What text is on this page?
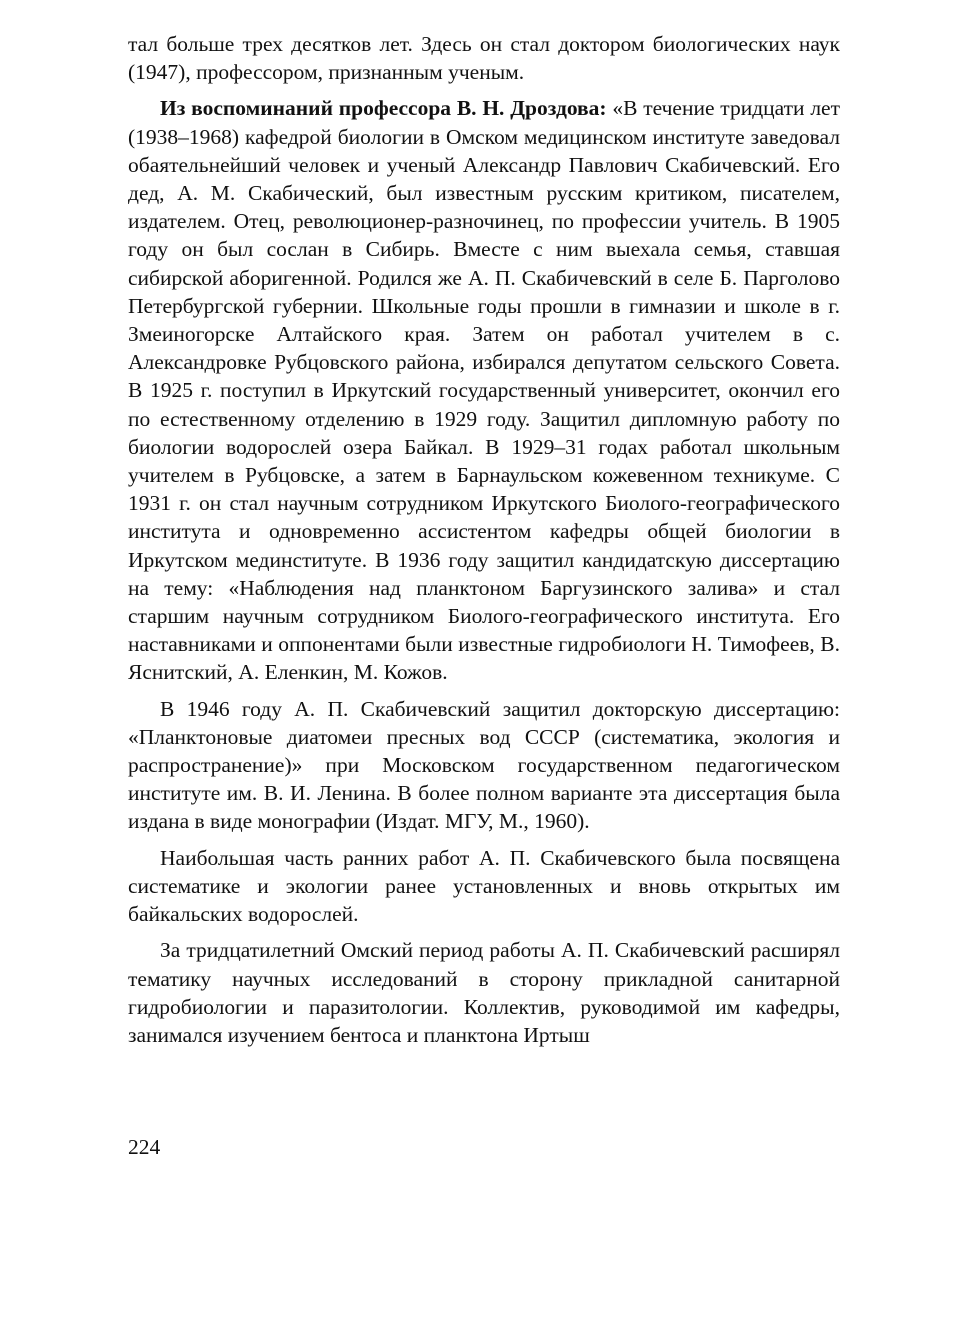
тал больше трех десятков лет. Здесь он стал доктором биологических наук (1947), профессором, признанным ученым.

Из воспоминаний профессора В. Н. Дроздова: «В течение тридцати лет (1938–1968) кафедрой биологии в Омском медицинском институте заведовал обаятельнейший человек и ученый Александр Павлович Скабичевский. Его дед, А. М. Скабический, был известным русским критиком, писателем, издателем. Отец, революционер-разночинец, по профессии учитель. В 1905 году он был сослан в Сибирь. Вместе с ним выехала семья, ставшая сибирской аборигенной. Родился же А. П. Скабичевский в селе Б. Парголово Петербургской губернии. Школьные годы прошли в гимназии и школе в г. Змеиногорске Алтайского края. Затем он работал учителем в с. Александровке Рубцовского района, избирался депутатом сельского Совета. В 1925 г. поступил в Иркутский государственный университет, окончил его по естественному отделению в 1929 году. Защитил дипломную работу по биологии водорослей озера Байкал. В 1929–31 годах работал школьным учителем в Рубцовске, а затем в Барнаульском кожевенном техникуме. С 1931 г. он стал научным сотрудником Иркутского Биолого-географического института и одновременно ассистентом кафедры общей биологии в Иркутском мединституте. В 1936 году защитил кандидатскую диссертацию на тему: «Наблюдения над планктоном Баргузинского залива» и стал старшим научным сотрудником Биолого-географического института. Его наставниками и оппонентами были известные гидробиологи Н. Тимофеев, В. Яснитский, А. Еленкин, М. Кожов.

В 1946 году А. П. Скабичевский защитил докторскую диссертацию: «Планктоновые диатомеи пресных вод СССР (систематика, экология и распространение)» при Московском государственном педагогическом институте им. В. И. Ленина. В более полном варианте эта диссертация была издана в виде монографии (Издат. МГУ, М., 1960).

Наибольшая часть ранних работ А. П. Скабичевского была посвящена систематике и экологии ранее установленных и вновь открытых им байкальских водорослей.

За тридцатилетний Омский период работы А. П. Скабичевский расширял тематику научных исследований в сторону прикладной санитарной гидробиологии и паразитологии. Коллектив, руководимой им кафедры, занимался изучением бентоса и планктона Иртыш

224
